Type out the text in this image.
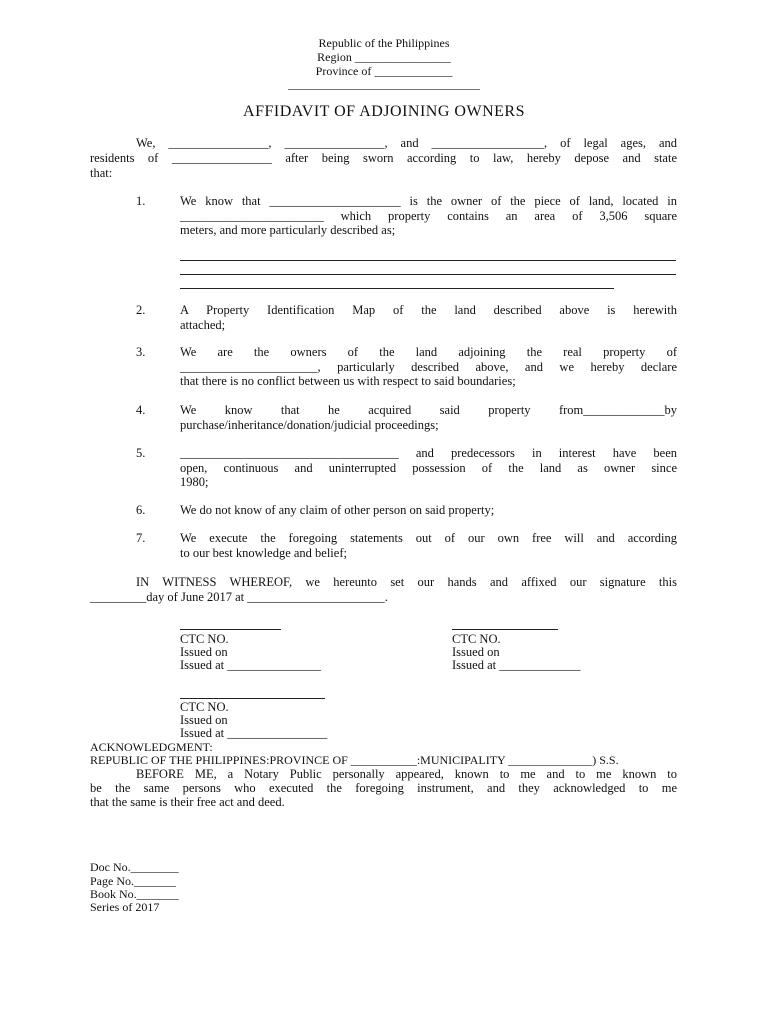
Republic of the Philippines
Region ________________
Province of _____________
________________________________
AFFIDAVIT OF ADJOINING OWNERS
We, ________________, ________________, and __________________, of legal ages, and
residents of ________________ after being sworn according to law, hereby depose and state
that:
1.	We know that _____________________ is the owner of the piece of land, located in
_______________________ which property contains an area of 3,506 square
meters, and more particularly described as;
2.	A Property Identification Map of the land described above is herewith
attached;
3.	We are the owners of the land adjoining the real property of
______________________, particularly described above, and we hereby declare
that there is no conflict between us with respect to said boundaries;
4.	We know that he acquired said property from_____________by
purchase/inheritance/donation/judicial proceedings;
5.	___________________________________ and predecessors in interest have been
open, continuous and uninterrupted possession of the land as owner since
1980;
6.	We do not know of any claim of other person on said property;
7.	We execute the foregoing statements out of our own free will and according
to our best knowledge and belief;
IN WITNESS WHEREOF, we hereunto set our hands and affixed our signature this
_________day of June 2017 at ______________________.
CTC NO.
Issued on
Issued at _______________
CTC NO.
Issued on
Issued at _____________
CTC NO.
Issued on
Issued at ________________
ACKNOWLEDGMENT:
REPUBLIC OF THE PHILIPPINES:PROVINCE OF ___________:MUNICIPALITY ______________) S.S.
BEFORE ME, a Notary Public personally appeared, known to me and to me known to
be the same persons who executed the foregoing instrument, and they acknowledged to me
that the same is their free act and deed.
Doc No.________
Page No._______
Book No._______
Series of 2017
